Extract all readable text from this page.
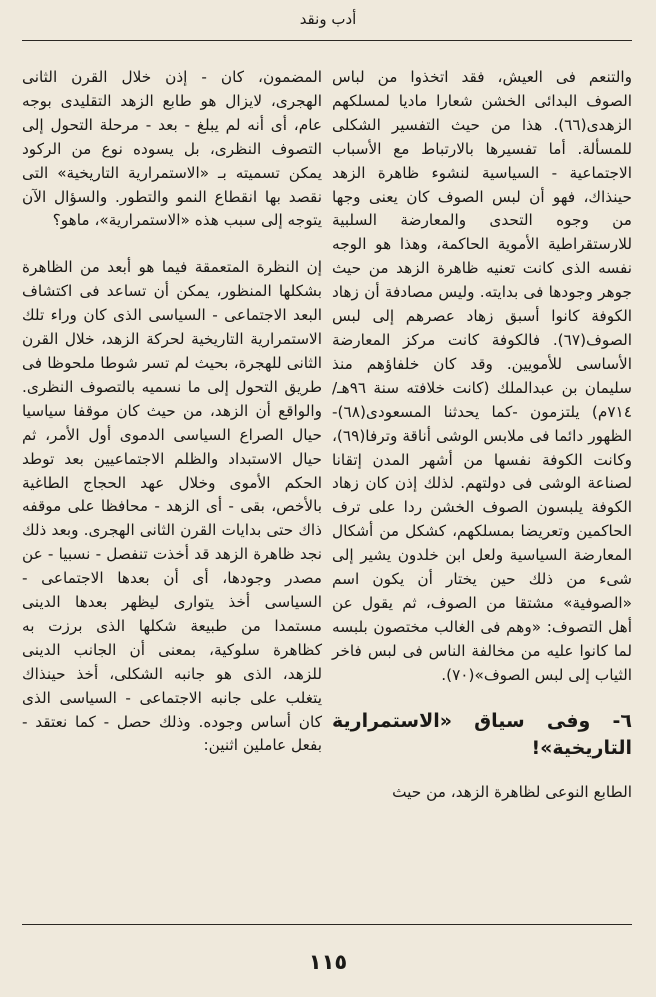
أدب ونقد

والتنعم فى العيش، فقد اتخذوا من لباس الصوف البدائى الخشن شعارا ماديا لمسلكهم الزهدى(٦٦). هذا من حيث التفسير الشكلى للمسألة. أما تفسيرها بالارتباط مع الأسباب الاجتماعية - السياسية لنشوء ظاهرة الزهد حينذاك، فهو أن لبس الصوف كان يعنى وجها من وجوه التحدى والمعارضة السلبية للارستقراطية الأموية الحاكمة، وهذا هو الوجه نفسه الذى كانت تعنيه ظاهرة الزهد من حيث جوهر وجودها فى بدايته. وليس مصادفة أن زهاد الكوفة كانوا أسبق زهاد عصرهم إلى لبس الصوف(٦٧). فالكوفة كانت مركز المعارضة الأساسى للأمويين. وقد كان خلفاؤهم منذ سليمان بن عبدالملك (كانت خلافته سنة ٩٦هـ/ ٧١٤م) يلتزمون -كما يحدثنا المسعودى(٦٨)- الظهور دائما فى ملابس الوشى أناقة وترفا(٦٩)، وكانت الكوفة نفسها من أشهر المدن إتقانا لصناعة الوشى فى دولتهم. لذلك إذن كان زهاد الكوفة يلبسون الصوف الخشن ردا على ترف الحاكمين وتعريضا بمسلكهم، كشكل من أشكال المعارضة السياسية ولعل ابن خلدون يشير إلى شىء من ذلك حين يختار أن يكون اسم «الصوفية» مشتقا من الصوف، ثم يقول عن أهل التصوف: «وهم فى الغالب مختصون بلبسه لما كانوا عليه من مخالفة الناس فى لبس فاخر الثياب إلى لبس الصوف»(٧٠).

٦- وفى سياق «الاستمرارية التاريخية»!

الطابع النوعى لظاهرة الزهد، من حيث

المضمون، كان - إذن خلال القرن الثانى الهجرى، لايزال هو طابع الزهد التقليدى بوجه عام، أى أنه لم يبلغ - بعد - مرحلة التحول إلى التصوف النظرى، بل يسوده نوع من الركود يمكن تسميته بـ «الاستمرارية التاريخية» التى نقصد بها انقطاع النمو والتطور. والسؤال الآن يتوجه إلى سبب هذه «الاستمرارية»، ماهو؟

إن النظرة المتعمقة فيما هو أبعد من الظاهرة بشكلها المنظور، يمكن أن تساعد فى اكتشاف البعد الاجتماعى - السياسى الذى كان وراء تلك الاستمرارية التاريخية لحركة الزهد، خلال القرن الثانى للهجرة، بحيث لم تسر شوطا ملحوظا فى طريق التحول إلى ما نسميه بالتصوف النظرى. والواقع أن الزهد، من حيث كان موقفا سياسيا حيال الصراع السياسى الدموى أول الأمر، ثم حيال الاستبداد والظلم الاجتماعيين بعد توطد الحكم الأموى وخلال عهد الحجاج الطاغية بالأخص، بقى - أى الزهد - محافظا على موقفه ذاك حتى بدايات القرن الثانى الهجرى. وبعد ذلك نجد ظاهرة الزهد قد أخذت تنفصل - نسبيا - عن مصدر وجودها، أى أن بعدها الاجتماعى - السياسى أخذ يتوارى ليظهر بعدها الدينى مستمدا من طبيعة شكلها الذى برزت به كظاهرة سلوكية، بمعنى أن الجانب الدينى للزهد، الذى هو جانبه الشكلى، أخذ حينذاك يتغلب على جانبه الاجتماعى - السياسى الذى كان أساس وجوده. وذلك حصل - كما نعتقد - بفعل عاملين اثنين:

١١٥
